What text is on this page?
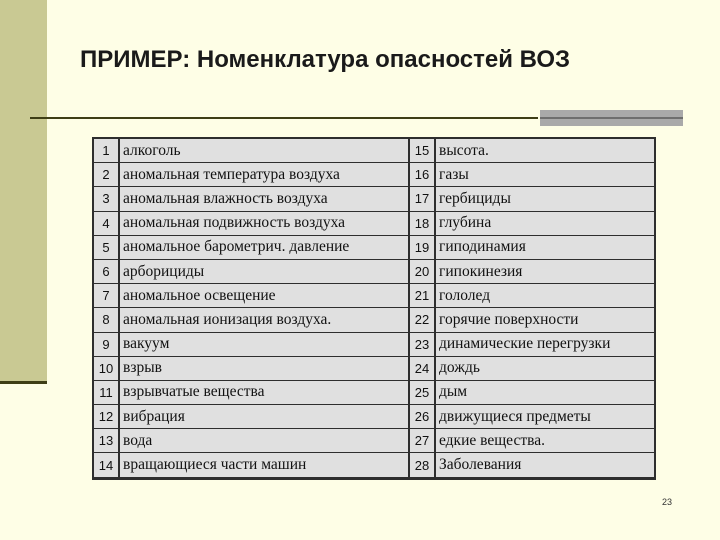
ПРИМЕР: Номенклатура опасностей ВОЗ
1 алкоголь
2 аномальная температура воздуха
3 аномальная влажность воздуха
4 аномальная подвижность воздуха
5 аномальное барометрич. давление
6 арборициды
7 аномальное освещение
8 аномальная ионизация воздуха.
9 вакуум
10 взрыв
11 взрывчатые вещества
12 вибрация
13 вода
14 вращающиеся части машин
15 высота.
16 газы
17 гербициды
18 глубина
19 гиподинамия
20 гипокинезия
21 гололед
22 горячие поверхности
23 динамические перегрузки
24 дождь
25 дым
26 движущиеся предметы
27 едкие вещества.
28 Заболевания
23
